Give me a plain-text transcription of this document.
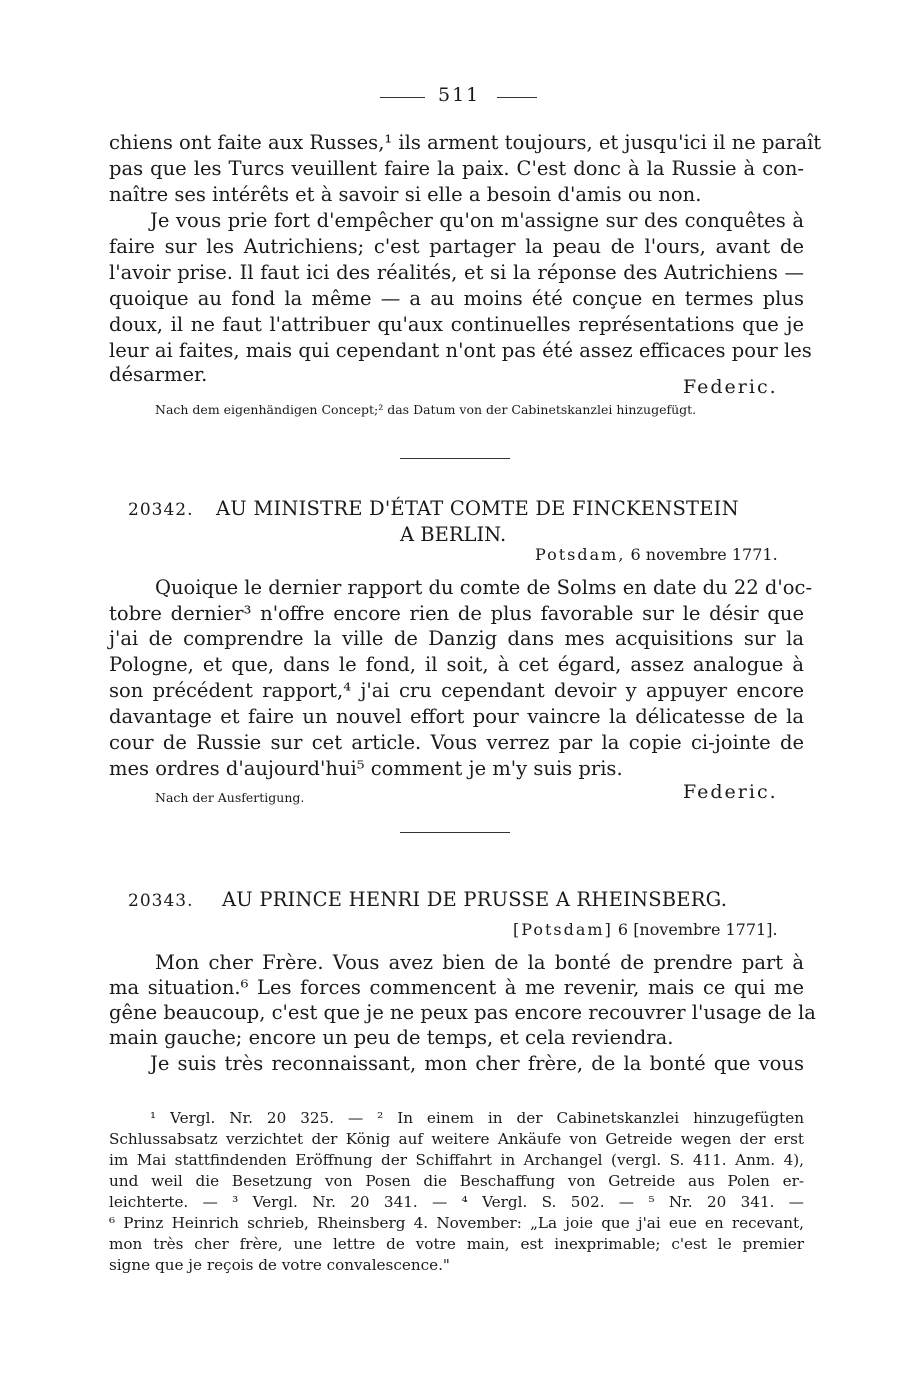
511
chiens ont faite aux Russes,¹ ils arment toujours, et jusqu'ici il ne paraît
pas que les Turcs veuillent faire la paix. C'est donc à la Russie à con-
naître ses intérêts et à savoir si elle a besoin d'amis ou non.
Je vous prie fort d'empêcher qu'on m'assigne sur des conquêtes à
faire sur les Autrichiens; c'est partager la peau de l'ours, avant de
l'avoir prise. Il faut ici des réalités, et si la réponse des Autrichiens —
quoique au fond la même — a au moins été conçue en termes plus
doux, il ne faut l'attribuer qu'aux continuelles représentations que je
leur ai faites, mais qui cependant n'ont pas été assez efficaces pour les
désarmer.
Federic.
Nach dem eigenhändigen Concept;² das Datum von der Cabinetskanzlei hinzugefügt.
20342. AU MINISTRE D'ÉTAT COMTE DE FINCKENSTEIN
A BERLIN.
Potsdam, 6 novembre 1771.
Quoique le dernier rapport du comte de Solms en date du 22 d'oc-
tobre dernier³ n'offre encore rien de plus favorable sur le désir que
j'ai de comprendre la ville de Danzig dans mes acquisitions sur la
Pologne, et que, dans le fond, il soit, à cet égard, assez analogue à
son précédent rapport,⁴ j'ai cru cependant devoir y appuyer encore
davantage et faire un nouvel effort pour vaincre la délicatesse de la
cour de Russie sur cet article. Vous verrez par la copie ci-jointe de
mes ordres d'aujourd'hui⁵ comment je m'y suis pris.
Nach der Ausfertigung.	Federic.
20343. AU PRINCE HENRI DE PRUSSE A RHEINSBERG.
[Potsdam] 6 [novembre 1771].
Mon cher Frère. Vous avez bien de la bonté de prendre part à
ma situation.⁶ Les forces commencent à me revenir, mais ce qui me
gêne beaucoup, c'est que je ne peux pas encore recouvrer l'usage de la
main gauche; encore un peu de temps, et cela reviendra.
Je suis très reconnaissant, mon cher frère, de la bonté que vous
¹ Vergl. Nr. 20 325. — ² In einem in der Cabinetskanzlei hinzugefügten
Schlussabsatz verzichtet der König auf weitere Ankäufe von Getreide wegen der erst
im Mai stattfindenden Eröffnung der Schiffahrt in Archangel (vergl. S. 411. Anm. 4),
und weil die Besetzung von Posen die Beschaffung von Getreide aus Polen er-
leichterte. — ³ Vergl. Nr. 20 341. — ⁴ Vergl. S. 502. — ⁵ Nr. 20 341. —
⁶ Prinz Heinrich schrieb, Rheinsberg 4. November: „La joie que j'ai eue en recevant,
mon très cher frère, une lettre de votre main, est inexprimable; c'est le premier
signe que je reçois de votre convalescence."
